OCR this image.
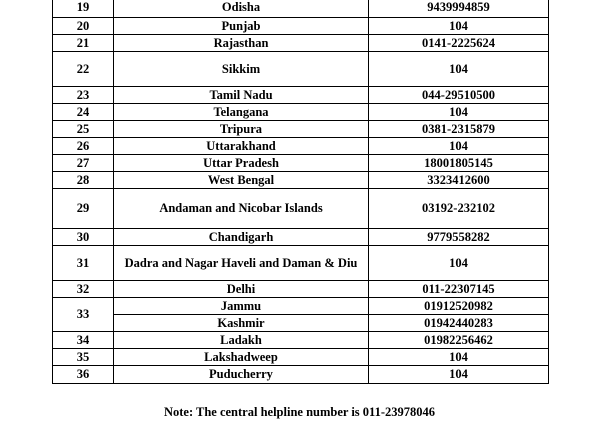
19	Odisha	9439994859
20	Punjab	104
21	Rajasthan	0141-2225624
22	Sikkim	104
23	Tamil Nadu	044-29510500
24	Telangana	104
25	Tripura	0381-2315879
26	Uttarakhand	104
27	Uttar Pradesh	18001805145
28	West Bengal	3323412600
29	Andaman and Nicobar Islands	03192-232102
30	Chandigarh	9779558282
31	Dadra and Nagar Haveli and Daman & Diu	104
32	Delhi	011-22307145
33	Jammu	01912520982
	Kashmir	01942440283
34	Ladakh	01982256462
35	Lakshadweep	104
36	Puducherry	104
Note: The central helpline number is 011-23978046
